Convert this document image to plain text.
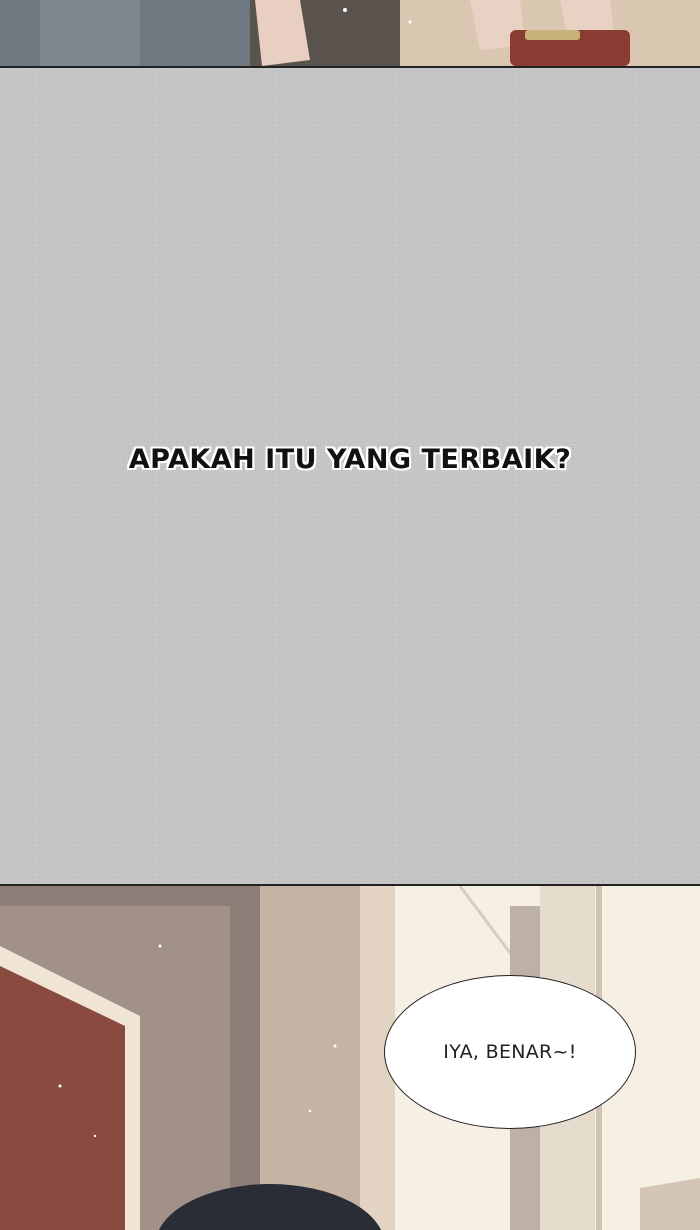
APAKAH ITU YANG TERBAIK?
IYA, BENAR~!
